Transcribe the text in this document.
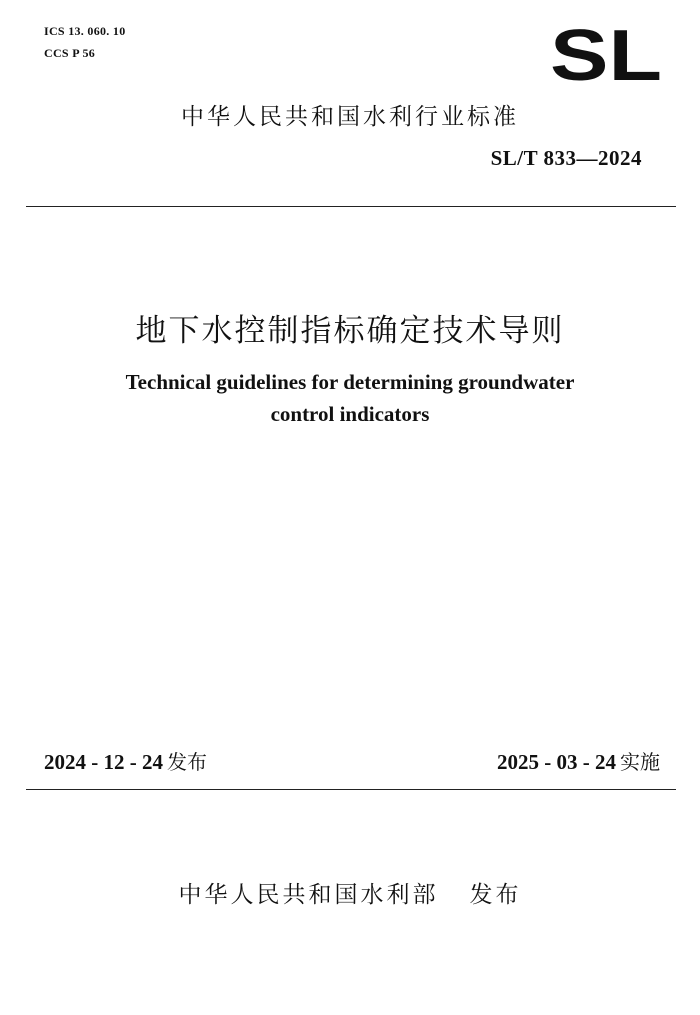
ICS 13. 060. 10
CCS P 56	SL
中华人民共和国水利行业标准
SL/T 833—2024
地下水控制指标确定技术导则
Technical guidelines for determining groundwater
control indicators
2024 - 12 - 24 发布	2025 - 03 - 24 实施
中华人民共和国水利部 发布
